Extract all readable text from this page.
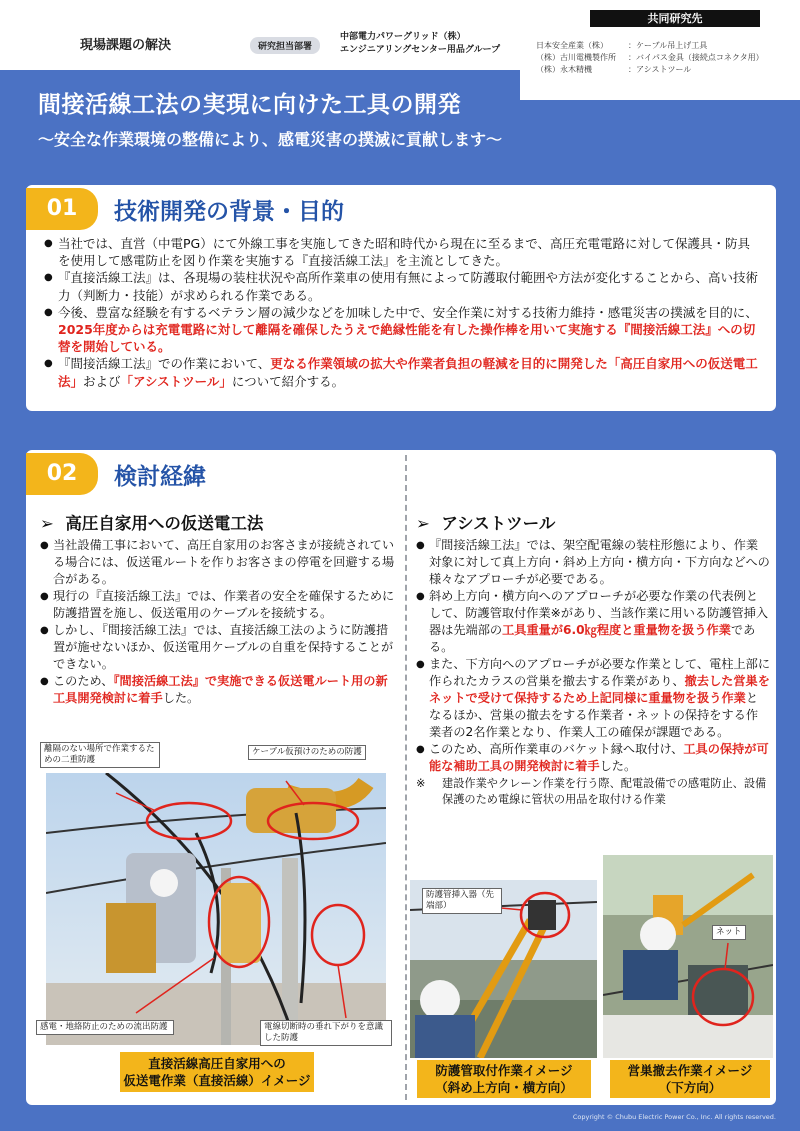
現場課題の解決	研究担当部署
中部電力パワーグリッド（株）
エンジニアリングセンター用品グループ
共同研究先
日本安全産業（株）	：ケーブル吊上げ工具
（株）古川電機製作所	：バイパス金具（接続点コネクタ用）
（株）永木精機	：アシストツール
間接活線工法の実現に向けた工具の開発
～安全な作業環境の整備により、感電災害の撲滅に貢献します～
01	技術開発の背景・目的
● 当社では、直営（中電PG）にて外線工事を実施してきた昭和時代から現在に至るまで、高圧充電電路に対して保護具・防具を使用して感電防止を図り作業を実施する『直接活線工法』を主流としてきた。
● 『直接活線工法』は、各現場の装柱状況や高所作業車の使用有無によって防護取付範囲や方法が変化することから、高い技術力（判断力・技能）が求められる作業である。
● 今後、豊富な経験を有するベテラン層の減少などを加味した中で、安全作業に対する技術力維持・感電災害の撲滅を目的に、2025年度からは充電電路に対して離隔を確保したうえで絶縁性能を有した操作棒を用いて実施する『間接活線工法』への切替を開始している。
● 『間接活線工法』での作業において、更なる作業領域の拡大や作業者負担の軽減を目的に開発した「高圧自家用への仮送電工法」および「アシストツール」について紹介する。
02	検討経緯
➢ 高圧自家用への仮送電工法
● 当社設備工事において、高圧自家用のお客さまが接続されている場合には、仮送電ルートを作りお客さまの停電を回避する場合がある。
● 現行の『直接活線工法』では、作業者の安全を確保するために防護措置を施し、仮送電用のケーブルを接続する。
● しかし、『間接活線工法』では、直接活線工法のように防護措置が施せないほか、仮送電用ケーブルの自重を保持することができない。
● このため、『間接活線工法』で実施できる仮送電ルート用の新工具開発検討に着手した。
離隔のない場所で作業するための二重防護
ケーブル仮預けのための防護
感電・地絡防止のための流出防護	電線切断時の垂れ下がりを意識した防護
直接活線高圧自家用への
仮送電作業（直接活線）イメージ
➢ アシストツール
● 『間接活線工法』では、架空配電線の装柱形態により、作業対象に対して真上方向・斜め上方向・横方向・下方向などへの様々なアプローチが必要である。
● 斜め上方向・横方向へのアプローチが必要な作業の代表例として、防護管取付作業※があり、当該作業に用いる防護管挿入器は先端部の工具重量が6.0㎏程度と重量物を扱う作業である。
● また、下方向へのアプローチが必要な作業として、電柱上部に作られたカラスの営巣を撤去する作業があり、撤去した営巣をネットで受けて保持するため上記同様に重量物を扱う作業となるほか、営巣の撤去をする作業者・ネットの保持をする作業者の2名作業となり、作業人工の確保が課題である。
● このため、高所作業車のバケット縁へ取付け、工具の保持が可能な補助工具の開発検討に着手した。
※ 建設作業やクレーン作業を行う際、配電設備での感電防止、設備保護のため電線に管状の用品を取付ける作業
防護管挿入器（先端部）
ネット
防護管取付作業イメージ
（斜め上方向・横方向）
営巣撤去作業イメージ
（下方向）
Copyright © Chubu Electric Power Co., Inc. All rights reserved.
